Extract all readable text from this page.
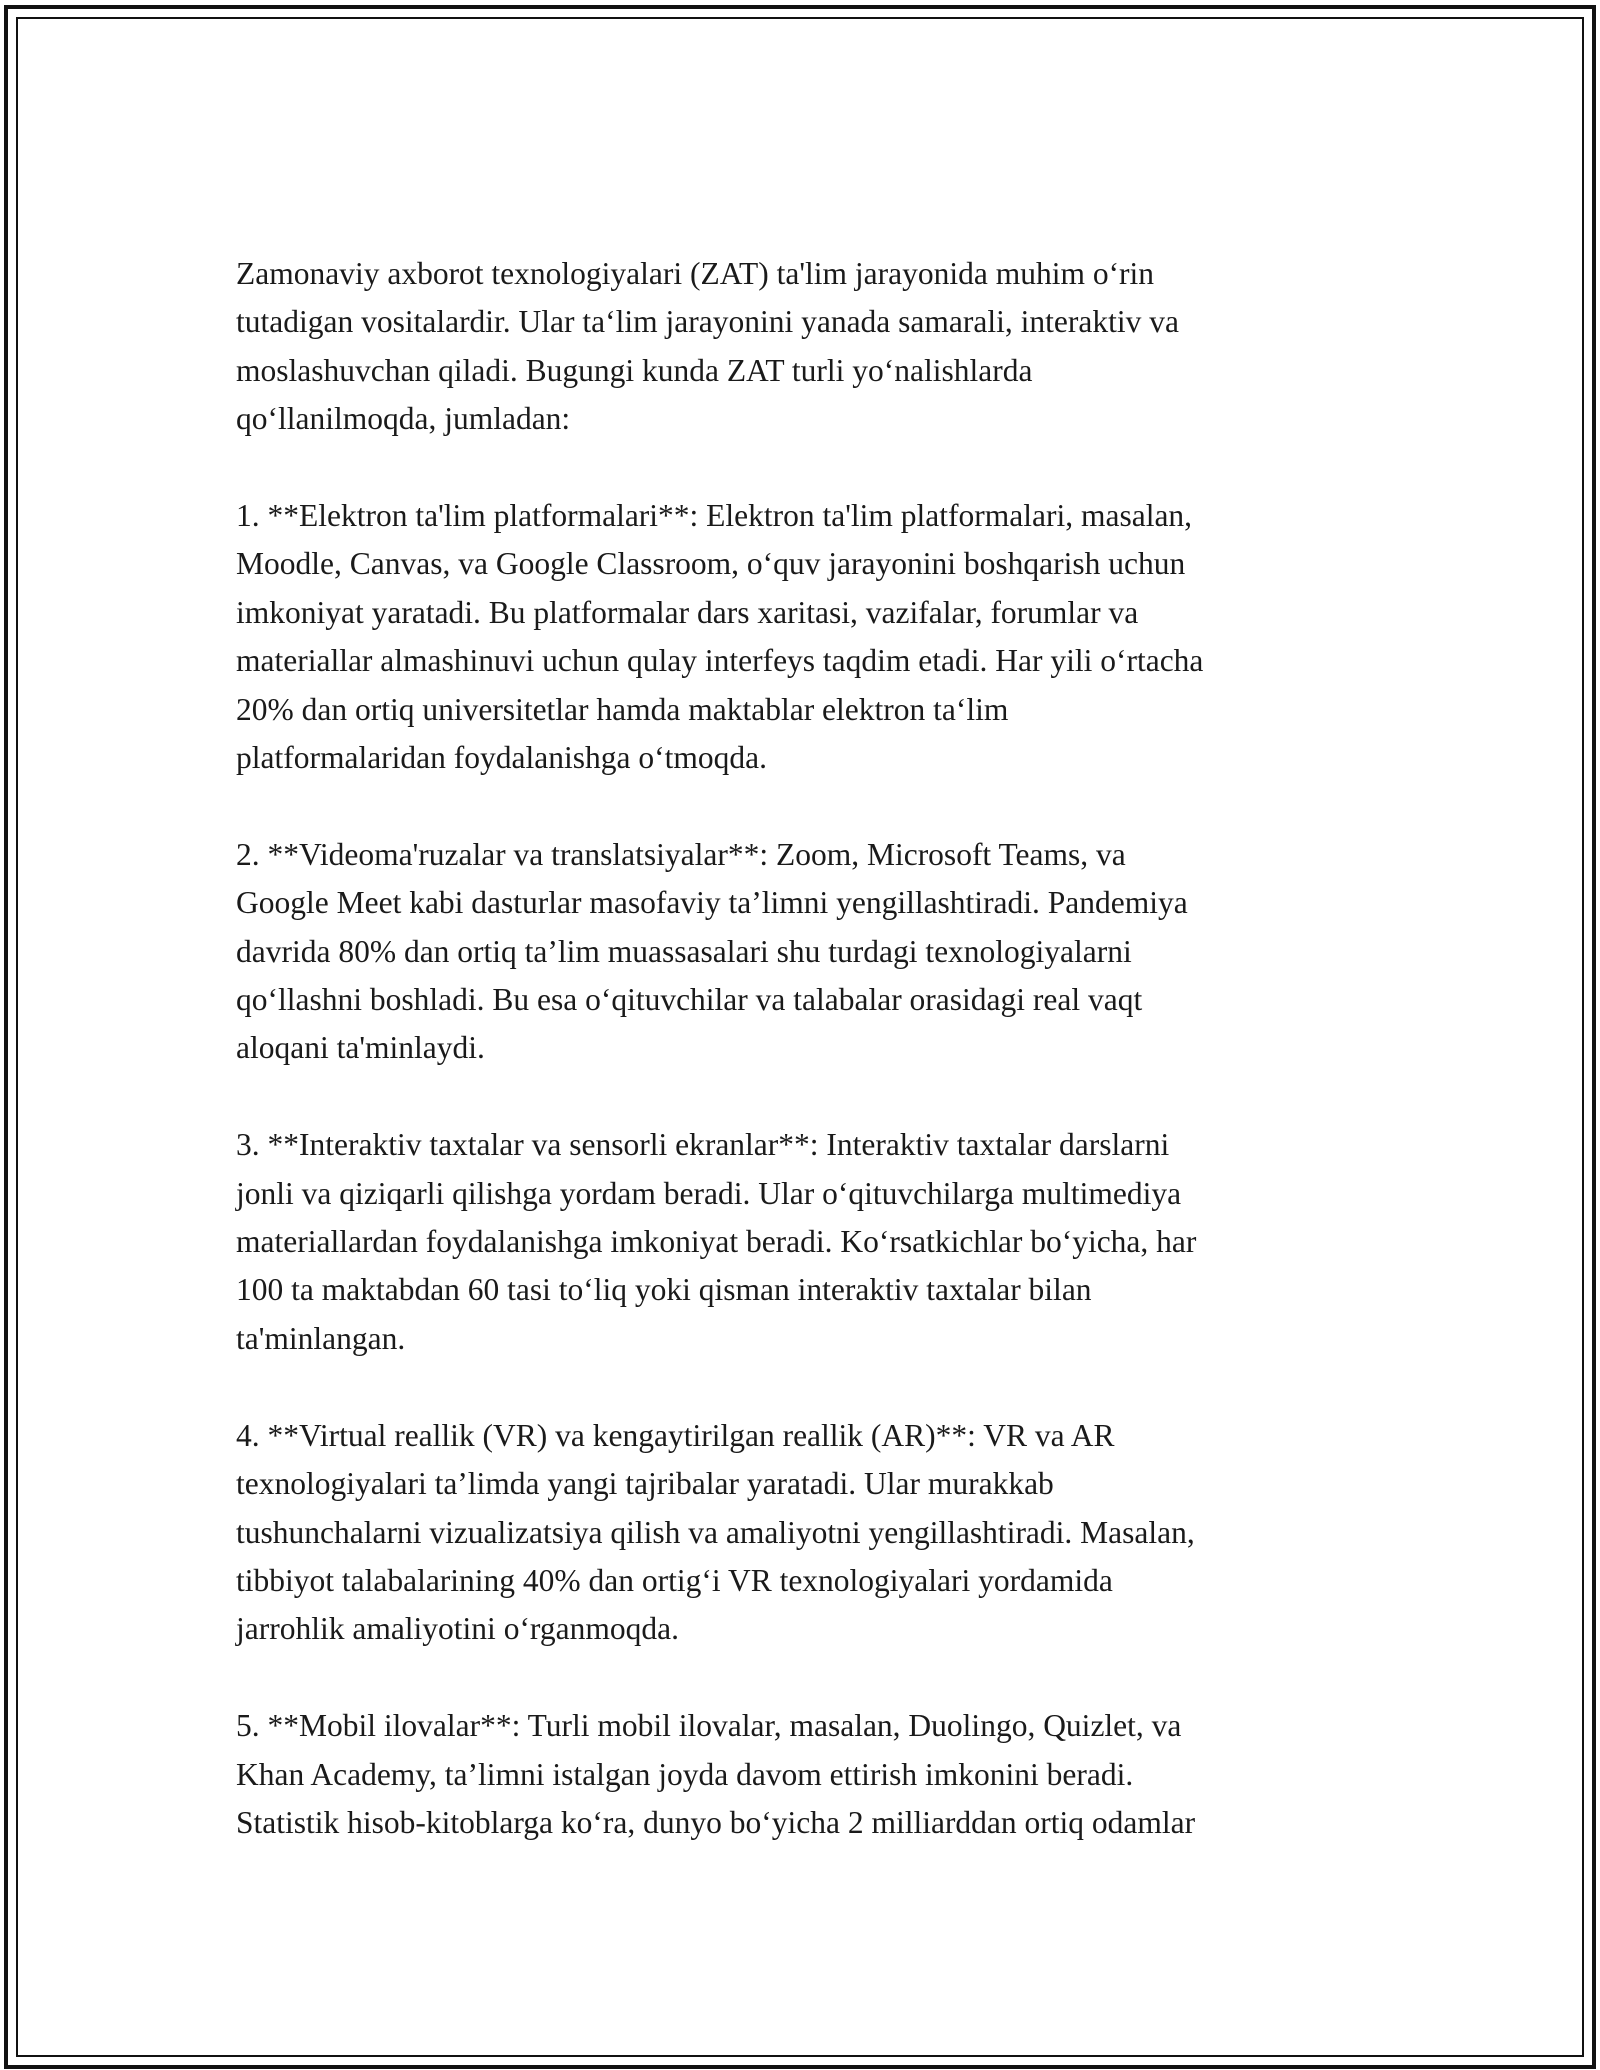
Zamonaviy axborot texnologiyalari (ZAT) ta'lim jarayonida muhim o‘rin
tutadigan vositalardir. Ular ta‘lim jarayonini yanada samarali, interaktiv va
moslashuvchan qiladi. Bugungi kunda ZAT turli yo‘nalishlarda
qo‘llanilmoqda, jumladan:

1. **Elektron ta'lim platformalari**: Elektron ta'lim platformalari, masalan,
Moodle, Canvas, va Google Classroom, o‘quv jarayonini boshqarish uchun
imkoniyat yaratadi. Bu platformalar dars xaritasi, vazifalar, forumlar va
materiallar almashinuvi uchun qulay interfeys taqdim etadi. Har yili o‘rtacha
20% dan ortiq universitetlar hamda maktablar elektron ta‘lim
platformalaridan foydalanishga o‘tmoqda.

2. **Videoma'ruzalar va translatsiyalar**: Zoom, Microsoft Teams, va
Google Meet kabi dasturlar masofaviy ta’limni yengillashtiradi. Pandemiya
davrida 80% dan ortiq ta’lim muassasalari shu turdagi texnologiyalarni
qo‘llashni boshladi. Bu esa o‘qituvchilar va talabalar orasidagi real vaqt
aloqani ta'minlaydi.

3. **Interaktiv taxtalar va sensorli ekranlar**: Interaktiv taxtalar darslarni
jonli va qiziqarli qilishga yordam beradi. Ular o‘qituvchilarga multimediya
materiallardan foydalanishga imkoniyat beradi. Ko‘rsatkichlar bo‘yicha, har
100 ta maktabdan 60 tasi to‘liq yoki qisman interaktiv taxtalar bilan
ta'minlangan.

4. **Virtual reallik (VR) va kengaytirilgan reallik (AR)**: VR va AR
texnologiyalari ta’limda yangi tajribalar yaratadi. Ular murakkab
tushunchalarni vizualizatsiya qilish va amaliyotni yengillashtiradi. Masalan,
tibbiyot talabalarining 40% dan ortig‘i VR texnologiyalari yordamida
jarrohlik amaliyotini o‘rganmoqda.

5. **Mobil ilovalar**: Turli mobil ilovalar, masalan, Duolingo, Quizlet, va
Khan Academy, ta’limni istalgan joyda davom ettirish imkonini beradi.
Statistik hisob-kitoblarga ko‘ra, dunyo bo‘yicha 2 milliarddan ortiq odamlar
